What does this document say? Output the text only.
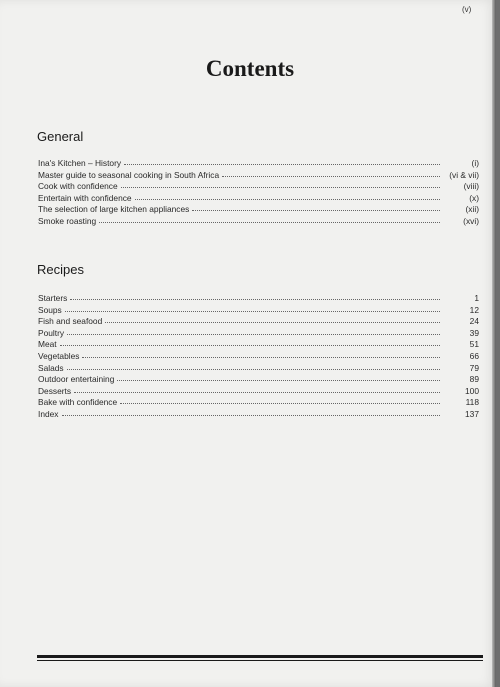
(v)
Contents
General
Ina's Kitchen – History	(i)
Master guide to seasonal cooking in South Africa	(vi & vii)
Cook with confidence	(viii)
Entertain with confidence	(x)
The selection of large kitchen appliances	(xii)
Smoke roasting	(xvi)
Recipes
Starters	1
Soups	12
Fish and seafood	24
Poultry	39
Meat	51
Vegetables	66
Salads	79
Outdoor entertaining	89
Desserts	100
Bake with confidence	118
Index	137
